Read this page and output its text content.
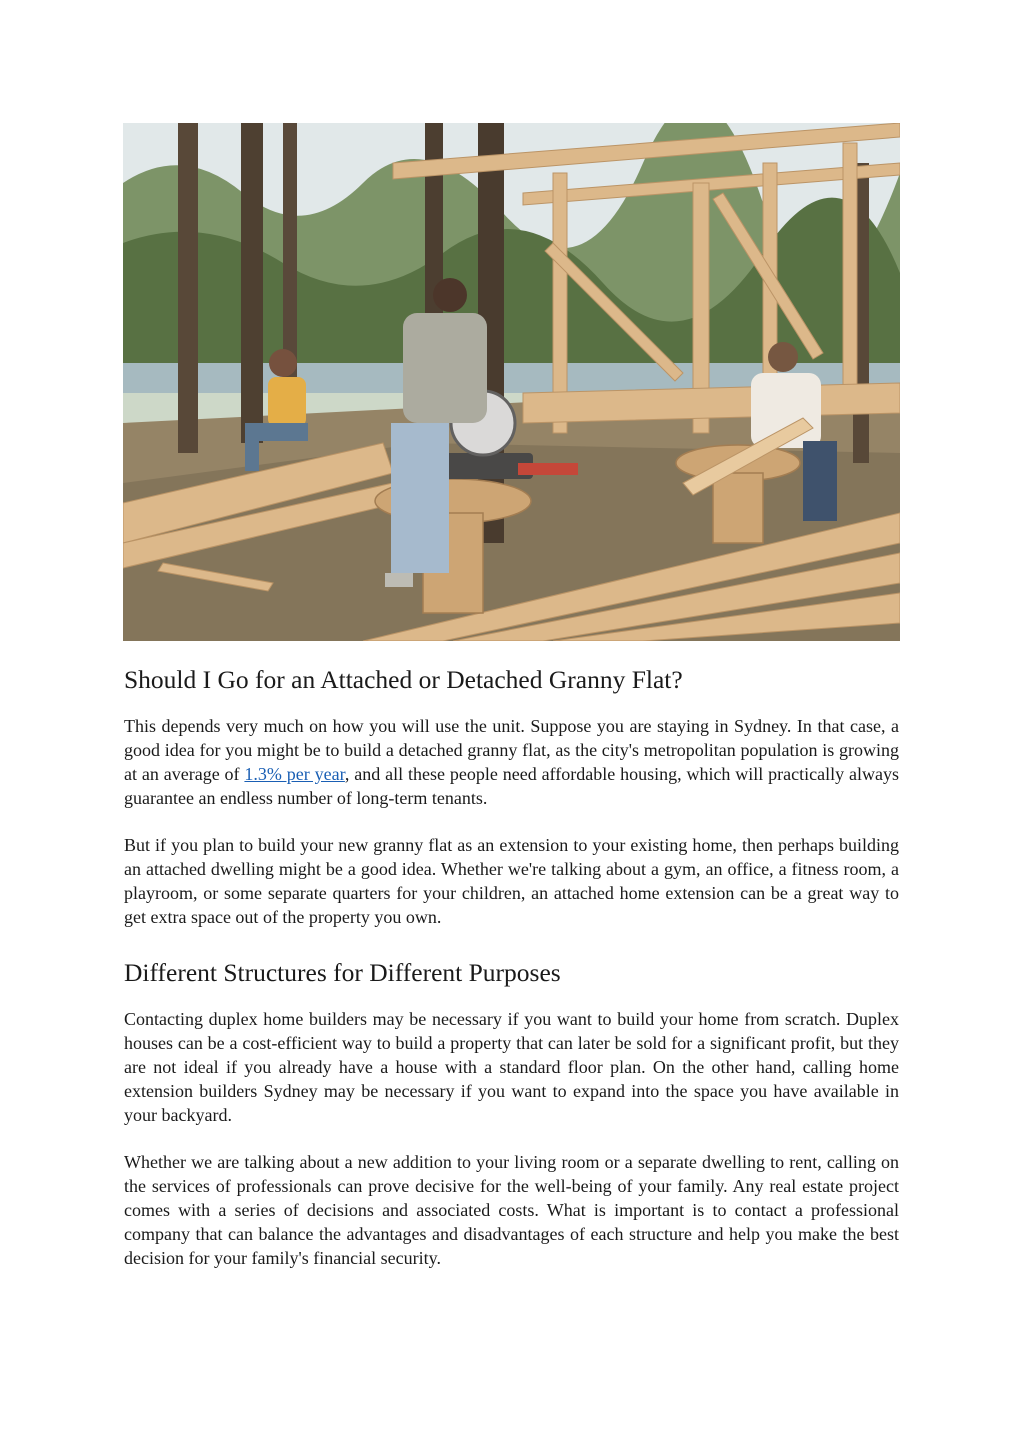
Should I Go for an Attached or Detached Granny Flat?

This depends very much on how you will use the unit. Suppose you are staying in Sydney. In that case, a good idea for you might be to build a detached granny flat, as the city's metropolitan population is growing at an average of 1.3% per year, and all these people need affordable housing, which will practically always guarantee an endless number of long-term tenants.

But if you plan to build your new granny flat as an extension to your existing home, then perhaps building an attached dwelling might be a good idea. Whether we're talking about a gym, an office, a fitness room, a playroom, or some separate quarters for your children, an attached home extension can be a great way to get extra space out of the property you own.

Different Structures for Different Purposes

Contacting duplex home builders may be necessary if you want to build your home from scratch. Duplex houses can be a cost-efficient way to build a property that can later be sold for a significant profit, but they are not ideal if you already have a house with a standard floor plan. On the other hand, calling home extension builders Sydney may be necessary if you want to expand into the space you have available in your backyard.

Whether we are talking about a new addition to your living room or a separate dwelling to rent, calling on the services of professionals can prove decisive for the well-being of your family. Any real estate project comes with a series of decisions and associated costs. What is important is to contact a professional company that can balance the advantages and disadvantages of each structure and help you make the best decision for your family's financial security.
